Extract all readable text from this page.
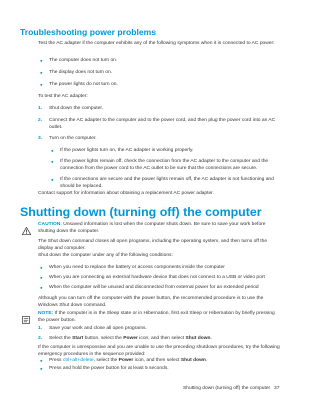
Troubleshooting power problems

Test the AC adapter if the computer exhibits any of the following symptoms when it is connected to AC power:

● The computer does not turn on.
● The display does not turn on.
● The power lights do not turn on.
To test the AC adapter:
1. Shut down the computer.
2. Connect the AC adapter to the computer and to the power cord, and then plug the power cord into an AC outlet.
3. Turn on the computer.
● If the power lights turn on, the AC adapter is working properly.
● If the power lights remain off, check the connection from the AC adapter to the computer and the connection from the power cord to the AC outlet to be sure that the connections are secure.
● If the connections are secure and the power lights remain off, the AC adapter is not functioning and should be replaced.
Contact support for information about obtaining a replacement AC power adapter.
Shutting down (turning off) the computer
CAUTION: Unsaved information is lost when the computer shuts down. Be sure to save your work before shutting down the computer.
The Shut down command closes all open programs, including the operating system, and then turns off the display and computer.
Shut down the computer under any of the following conditions:
● When you need to replace the battery or access components inside the computer
● When you are connecting an external hardware device that does not connect to a USB or video port
● When the computer will be unused and disconnected from external power for an extended period
Although you can turn off the computer with the power button, the recommended procedure is to use the Windows Shut down command.
NOTE: If the computer is in the Sleep state or in Hibernation, first exit Sleep or Hibernation by briefly pressing the power button.
1. Save your work and close all open programs.
2. Select the Start button, select the Power icon, and then select Shut down.
If the computer is unresponsive and you are unable to use the preceding shutdown procedures, try the following emergency procedures in the sequence provided:
● Press ctrl+alt+delete, select the Power icon, and then select Shut down.
● Press and hold the power button for at least 5 seconds.
Shutting down (turning off) the computer 37
